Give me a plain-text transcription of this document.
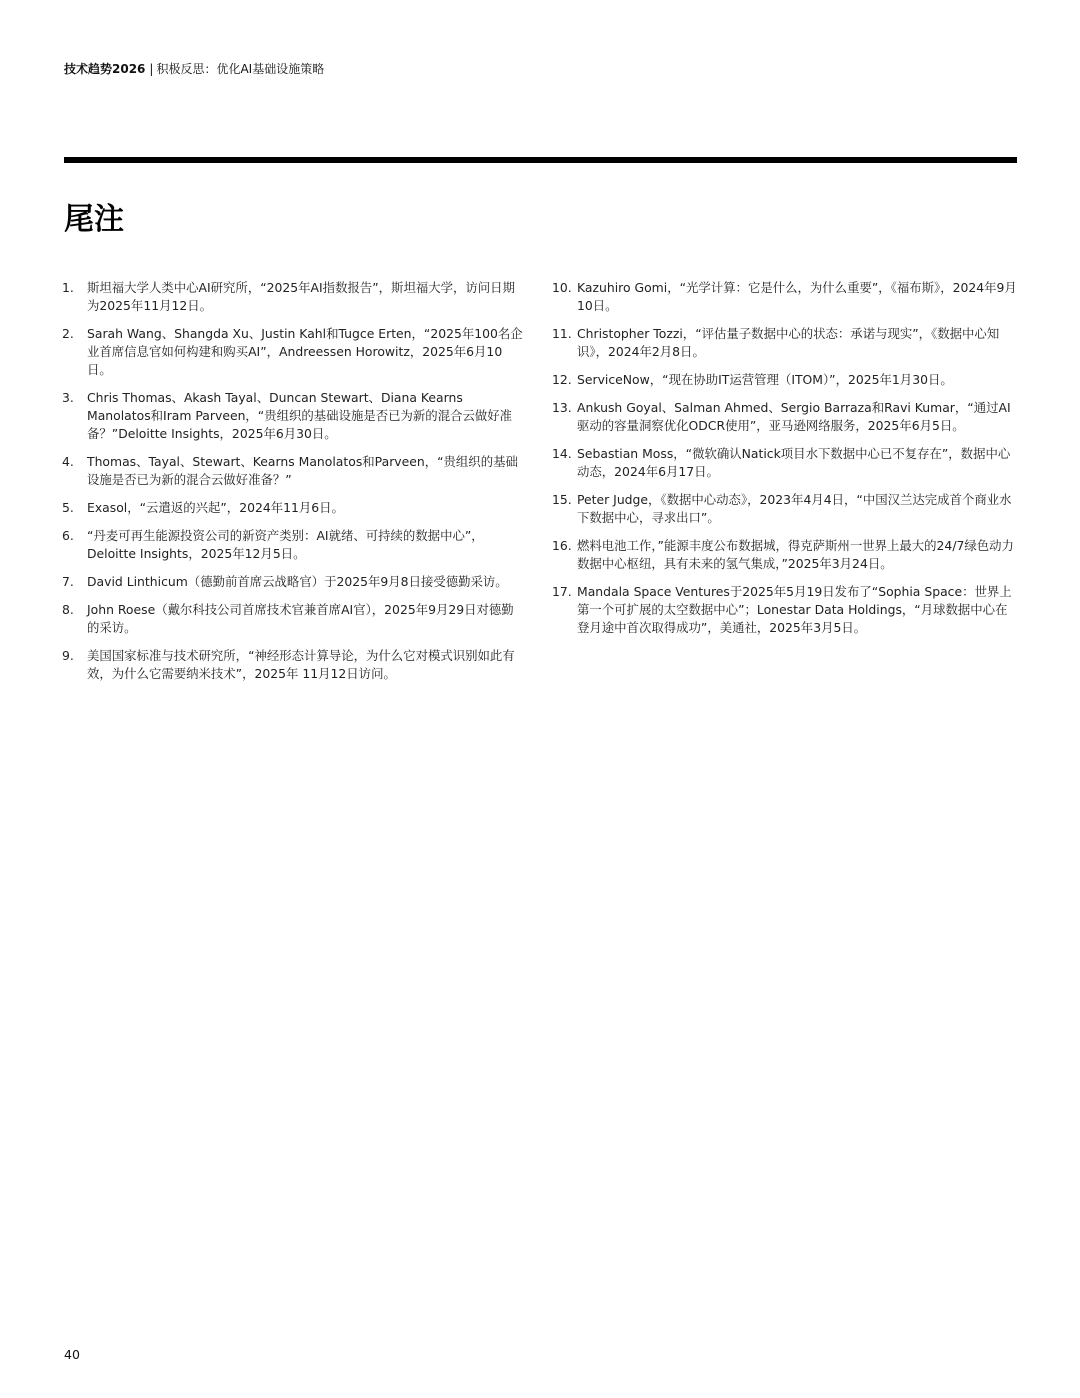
技术趋势2026 | 积极反思：优化AI基础设施策略
尾注
1.	斯坦福大学人类中心AI研究所，“2025年AI指数报告”，斯坦福大学，访问日期为2025年11月12日。
2.	Sarah Wang、Shangda Xu、Justin Kahl和Tugce Erten，“2025年100名企业首席信息官如何构建和购买AI”，Andreessen Horowitz，2025年6月10日。
3.	Chris Thomas、Akash Tayal、Duncan Stewart、Diana Kearns Manolatos和Iram Parveen，“贵组织的基础设施是否已为新的混合云做好准备？”Deloitte Insights，2025年6月30日。
4.	Thomas、Tayal、Stewart、Kearns Manolatos和Parveen，“贵组织的基础设施是否已为新的混合云做好准备？”
5.	Exasol，“云遣返的兴起”，2024年11月6日。
6.	“丹麦可再生能源投资公司的新资产类别：AI就绪、可持续的数据中心”，Deloitte Insights，2025年12月5日。
7.	David Linthicum（德勤前首席云战略官）于2025年9月8日接受德勤采访。
8.	John Roese（戴尔科技公司首席技术官兼首席AI官），2025年9月29日对德勤的采访。
9.	美国国家标准与技术研究所，“神经形态计算导论，为什么它对模式识别如此有效，为什么它需要纳米技术”，2025年 11月12日访问。
10. Kazuhiro Gomi，“光学计算：它是什么，为什么重要”，《福布斯》，2024年9月10日。
11. Christopher Tozzi，“评估量子数据中心的状态：承诺与现实”，《数据中心知识》，2024年2月8日。
12. ServiceNow，“现在协助IT运营管理（ITOM）”，2025年1月30日。
13. Ankush Goyal、Salman Ahmed、Sergio Barraza和Ravi Kumar，“通过AI驱动的容量洞察优化ODCR使用”，亚马逊网络服务，2025年6月5日。
14. Sebastian Moss，“微软确认Natick项目水下数据中心已不复存在”，数据中心动态，2024年6月17日。
15. Peter Judge，《数据中心动态》，2023年4月4日，“中国汉兰达完成首个商业水下数据中心，寻求出口”。
16. 燃料电池工作，”能源丰度公布数据城，得克萨斯州一世界上最大的24/7绿色动力数据中心枢纽，具有未来的氢气集成，”2025年3月24日。
17. Mandala Space Ventures于2025年5月19日发布了“Sophia Space：世界上第一个可扩展的太空数据中心”；Lonestar Data Holdings，“月球数据中心在登月途中首次取得成功”，美通社，2025年3月5日。
40
